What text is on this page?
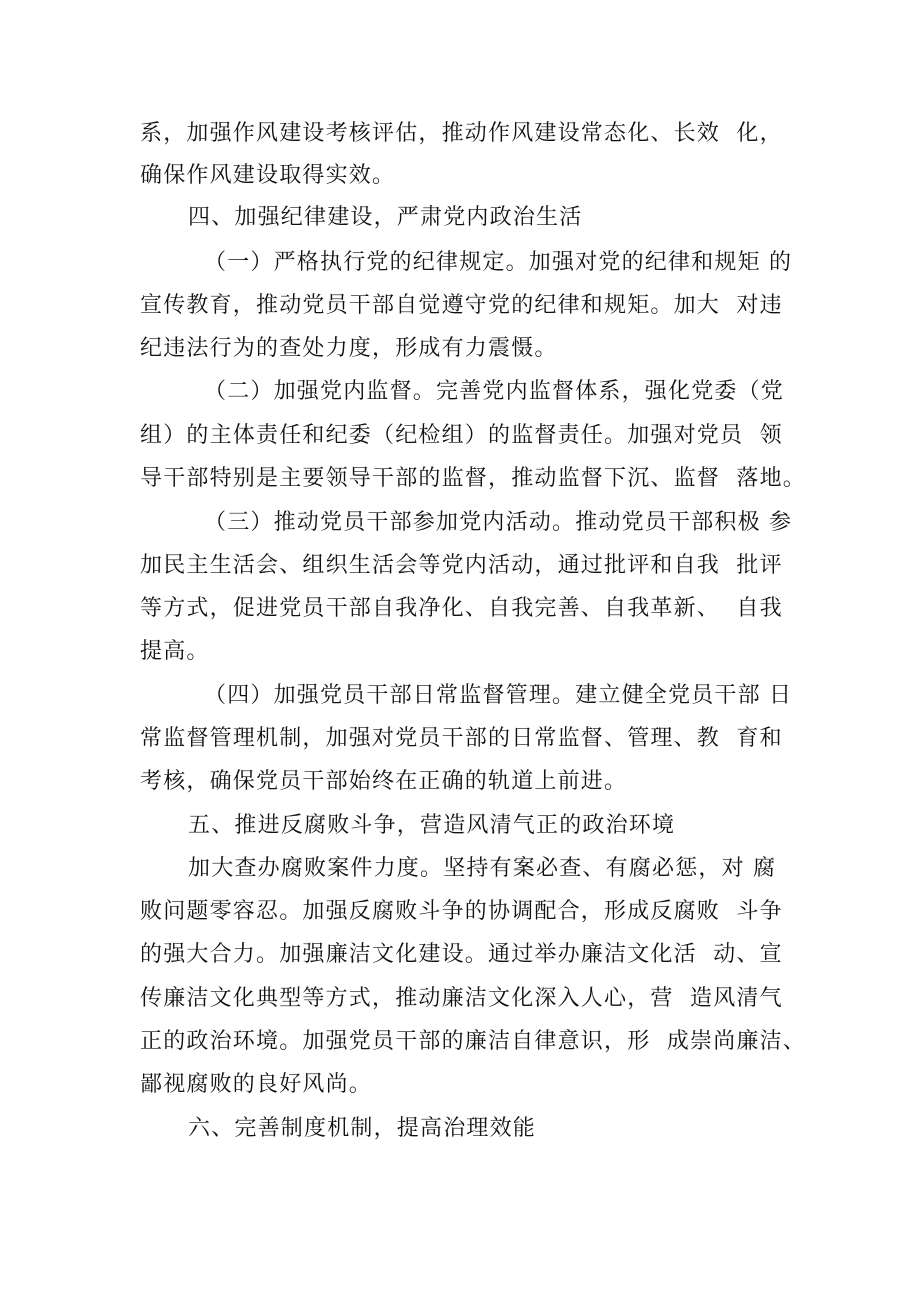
系，加强作风建设考核评估，推动作风建设常态化、长效  化，
确保作风建设取得实效。
四、加强纪律建设，严肃党内政治生活
（一）严格执行党的纪律规定。加强对党的纪律和规矩 的
宣传教育，推动党员干部自觉遵守党的纪律和规矩。加大  对违
纪违法行为的查处力度，形成有力震慑。
（二）加强党内监督。完善党内监督体系，强化党委（党
组）的主体责任和纪委（纪检组）的监督责任。加强对党员  领
导干部特别是主要领导干部的监督，推动监督下沉、监督  落地。
（三）推动党员干部参加党内活动。推动党员干部积极 参
加民主生活会、组织生活会等党内活动，通过批评和自我  批评
等方式，促进党员干部自我净化、自我完善、自我革新、  自我
提高。
（四）加强党员干部日常监督管理。建立健全党员干部 日
常监督管理机制，加强对党员干部的日常监督、管理、教  育和
考核，确保党员干部始终在正确的轨道上前进。
五、推进反腐败斗争，营造风清气正的政治环境
加大查办腐败案件力度。坚持有案必查、有腐必惩，对 腐
败问题零容忍。加强反腐败斗争的协调配合，形成反腐败  斗争
的强大合力。加强廉洁文化建设。通过举办廉洁文化活  动、宣
传廉洁文化典型等方式，推动廉洁文化深入人心，营  造风清气
正的政治环境。加强党员干部的廉洁自律意识，形  成崇尚廉洁、
鄙视腐败的良好风尚。
六、完善制度机制，提高治理效能
